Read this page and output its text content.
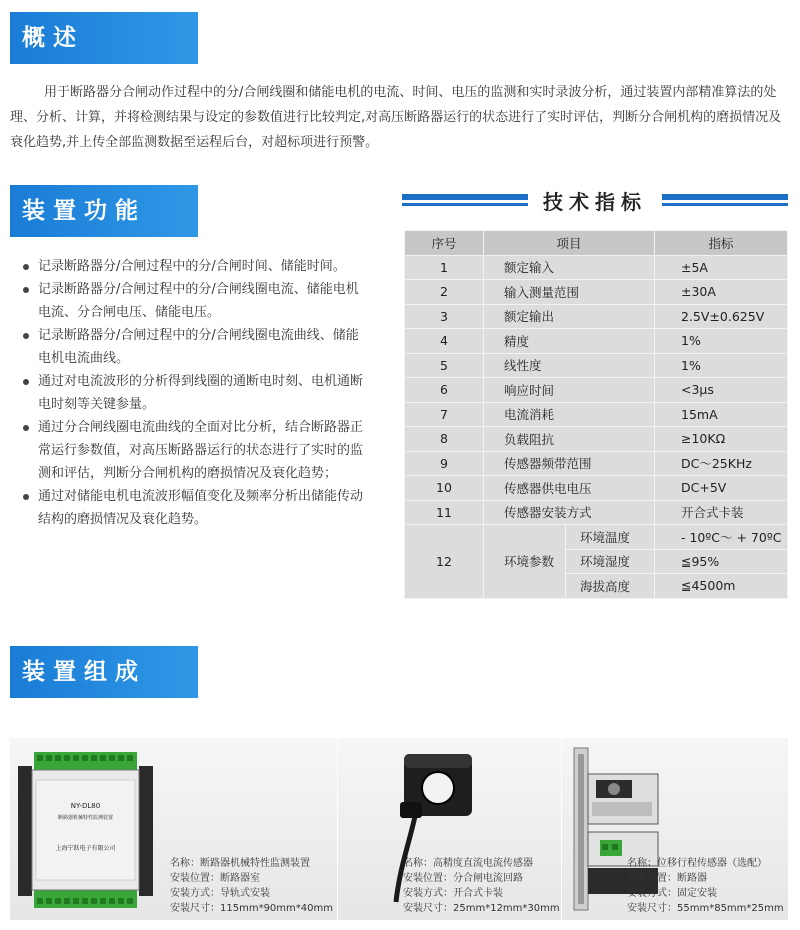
概述
装置功能
装置组成

用于断路器分合闸动作过程中的分/合闸线圈和储能电机的电流、时间、电压的监测和实时录波分析，通过装置内部精准算法的处理、分析、计算，并将检测结果与设定的参数值进行比较判定,对高压断路器运行的状态进行了实时评估，判断分合闸机构的磨损情况及衰化趋势,并上传全部监测数据至运程后台，对超标项进行预警。

记录断路器分/合闸过程中的分/合闸时间、储能时间。
记录断路器分/合闸过程中的分/合闸线圈电流、储能电机电流、分合闸电压、储能电压。
记录断路器分/合闸过程中的分/合闸线圈电流曲线、储能电机电流曲线。
通过对电流波形的分析得到线圈的通断电时刻、电机通断电时刻等关键参量。
通过分合闸线圈电流曲线的全面对比分析，结合断路器正常运行参数值，对高压断路器运行的状态进行了实时的监测和评估，判断分合闸机构的磨损情况及衰化趋势；
通过对储能电机电流波形幅值变化及频率分析出储能传动结构的磨损情况及衰化趋势。
技术指标
序号	项目		指标
1	额定输入		±5A
2	输入测量范围		±30A
3	额定输出		2.5V±0.625V
4	精度		1%
5	线性度		1%
6	响应时间		<3μs
7	电流消耗		15mA
8	负载阻抗		≥10KΩ
9	传感器频带范围		DC～25KHz
10	传感器供电电压		DC+5V
11	传感器安装方式		开合式卡装
12	环境参数	环境温度	- 10ºC～ + 70ºC
		环境湿度	≦95%
		海拔高度	≦4500m
NY-DL80
断路器机械特性监测装置
上海宁跃电子有限公司
名称：断路器机械特性监测装置
安装位置：断路器室
安装方式：导轨式安装
安装尺寸：115mm*90mm*40mm
名称：高精度直流电流传感器
安装位置：分合闸电流回路
安装方式：开合式卡装
安装尺寸：25mm*12mm*30mm
名称：位移行程传感器（选配）
安装位置：断路器
安装方式：固定安装
安装尺寸：55mm*85mm*25mm
